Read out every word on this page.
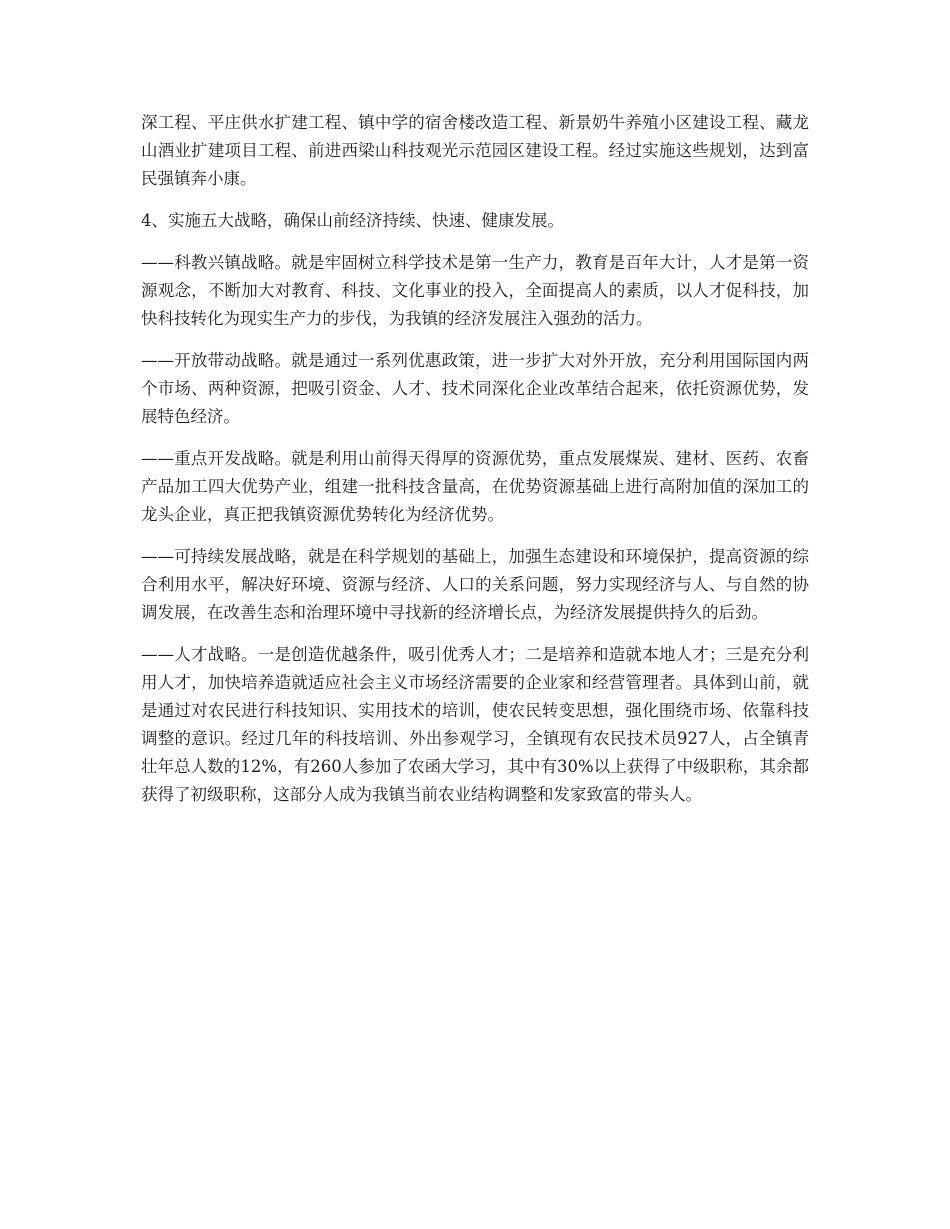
深工程、平庄供水扩建工程、镇中学的宿舍楼改造工程、新景奶牛养殖小区建设工程、藏龙山酒业扩建项目工程、前进西梁山科技观光示范园区建设工程。经过实施这些规划，达到富民强镇奔小康。

4、实施五大战略，确保山前经济持续、快速、健康发展。

——科教兴镇战略。就是牢固树立科学技术是第一生产力，教育是百年大计，人才是第一资源观念，不断加大对教育、科技、文化事业的投入，全面提高人的素质，以人才促科技，加快科技转化为现实生产力的步伐，为我镇的经济发展注入强劲的活力。

——开放带动战略。就是通过一系列优惠政策，进一步扩大对外开放，充分利用国际国内两个市场、两种资源，把吸引资金、人才、技术同深化企业改革结合起来，依托资源优势，发展特色经济。

——重点开发战略。就是利用山前得天得厚的资源优势，重点发展煤炭、建材、医药、农畜产品加工四大优势产业，组建一批科技含量高，在优势资源基础上进行高附加值的深加工的龙头企业，真正把我镇资源优势转化为经济优势。

——可持续发展战略，就是在科学规划的基础上，加强生态建设和环境保护，提高资源的综合利用水平，解决好环境、资源与经济、人口的关系问题，努力实现经济与人、与自然的协调发展，在改善生态和治理环境中寻找新的经济增长点，为经济发展提供持久的后劲。

——人才战略。一是创造优越条件，吸引优秀人才；二是培养和造就本地人才；三是充分利用人才，加快培养造就适应社会主义市场经济需要的企业家和经营管理者。具体到山前，就是通过对农民进行科技知识、实用技术的培训，使农民转变思想，强化围绕市场、依靠科技调整的意识。经过几年的科技培训、外出参观学习，全镇现有农民技术员927人，占全镇青壮年总人数的12%，有260人参加了农函大学习，其中有30%以上获得了中级职称，其余都获得了初级职称，这部分人成为我镇当前农业结构调整和发家致富的带头人。
